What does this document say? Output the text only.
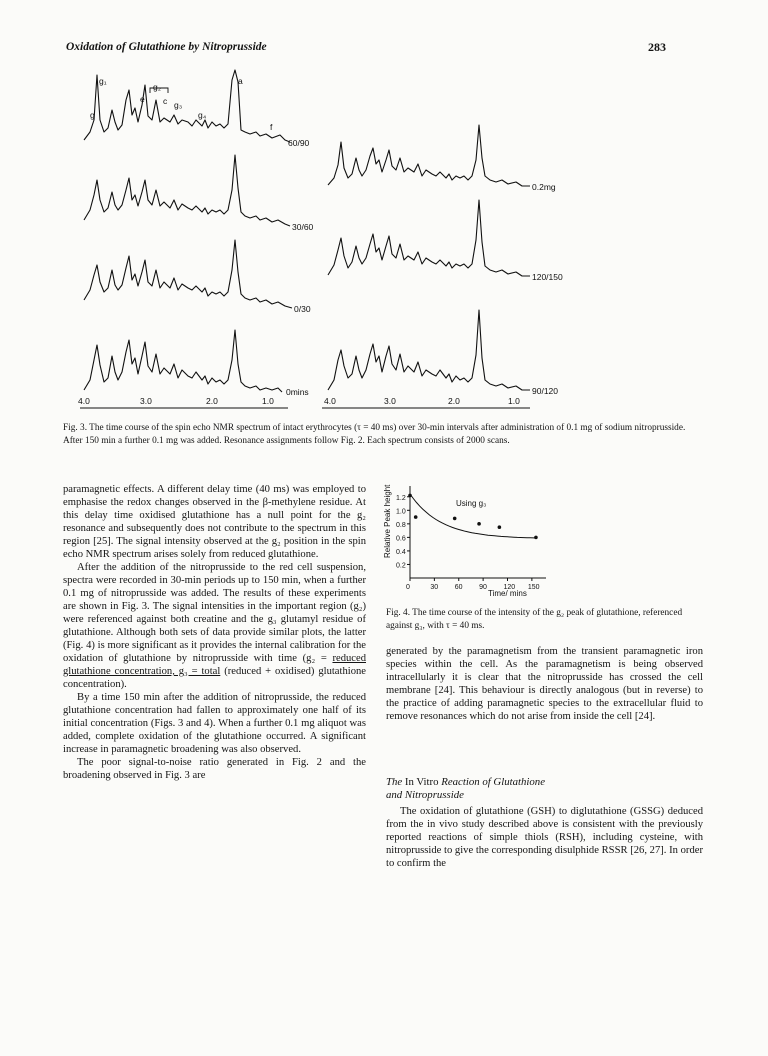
Oxidation of Glutathione by Nitroprusside	283
g₁
e
g₂
c g₃
g₄
a
g
f
60/90
30/60
0/30
0mins
0.2mg
120/150
90/120
4.0	3.0	2.0	1.0	4.0	3.0	2.0	1.0
Fig. 3. The time course of the spin echo NMR spectrum of intact erythrocytes (τ = 40 ms) over 30-min intervals after administration of 0.1 mg of sodium nitroprusside. After 150 min a further 0.1 mg was added. Resonance assignments follow Fig. 2. Each spectrum consists of 2000 scans.

paramagnetic effects. A different delay time (40 ms) was employed to emphasise the redox changes observed in the β-methylene residue. At this delay time oxidised glutathione has a null point for the g₂ resonance and subsequently does not contribute to the spectrum in this region [25]. The signal intensity observed at the g₂ position in the spin echo NMR spectrum arises solely from reduced glutathione.

After the addition of the nitroprusside to the red cell suspension, spectra were recorded in 30-min periods up to 150 min, when a further 0.1 mg of nitroprusside was added. The results of these experiments are shown in Fig. 3. The signal intensities in the important region (g₂) were referenced against both creatine and the g₃ glutamyl residue of glutathione. Although both sets of data provide similar plots, the latter (Fig. 4) is more significant as it provides the internal calibration for the oxidation of glutathione by nitroprusside with time (g₂ = reduced glutathione concentration, g₃ = total (reduced + oxidised) glutathione concentration).

By a time 150 min after the addition of nitroprusside, the reduced glutathione concentration had fallen to approximately one half of its initial concentration (Figs. 3 and 4). When a further 0.1 mg aliquot was added, complete oxidation of the glutathione occurred. A significant increase in paramagnetic broadening was also observed.

The poor signal-to-noise ratio generated in Fig. 2 and the broadening observed in Fig. 3 are

Relative Peak height
Time/ mins
Using g₃
0	30 60 90 120 150
0.2
0.4
0.6
0.8
1.0
1.2
Fig. 4. The time course of the intensity of the g₂ peak of glutathione, referenced against g₃, with τ = 40 ms.
generated by the paramagnetism from the transient paramagnetic iron species within the cell. As the paramagnetism is being observed intracellularly it is clear that the nitroprusside has crossed the cell membrane [24]. This behaviour is directly analogous (but in reverse) to the practice of adding paramagnetic species to the extracellular fluid to remove resonances which do not arise from inside the cell [24].
The In Vitro Reaction of Glutathione
and Nitroprusside

The oxidation of glutathione (GSH) to diglutathione (GSSG) deduced from the in vivo study described above is consistent with the previously reported reactions of simple thiols (RSH), including cysteine, with nitroprusside to give the corresponding disulphide RSSR [26, 27]. In order to confirm the
